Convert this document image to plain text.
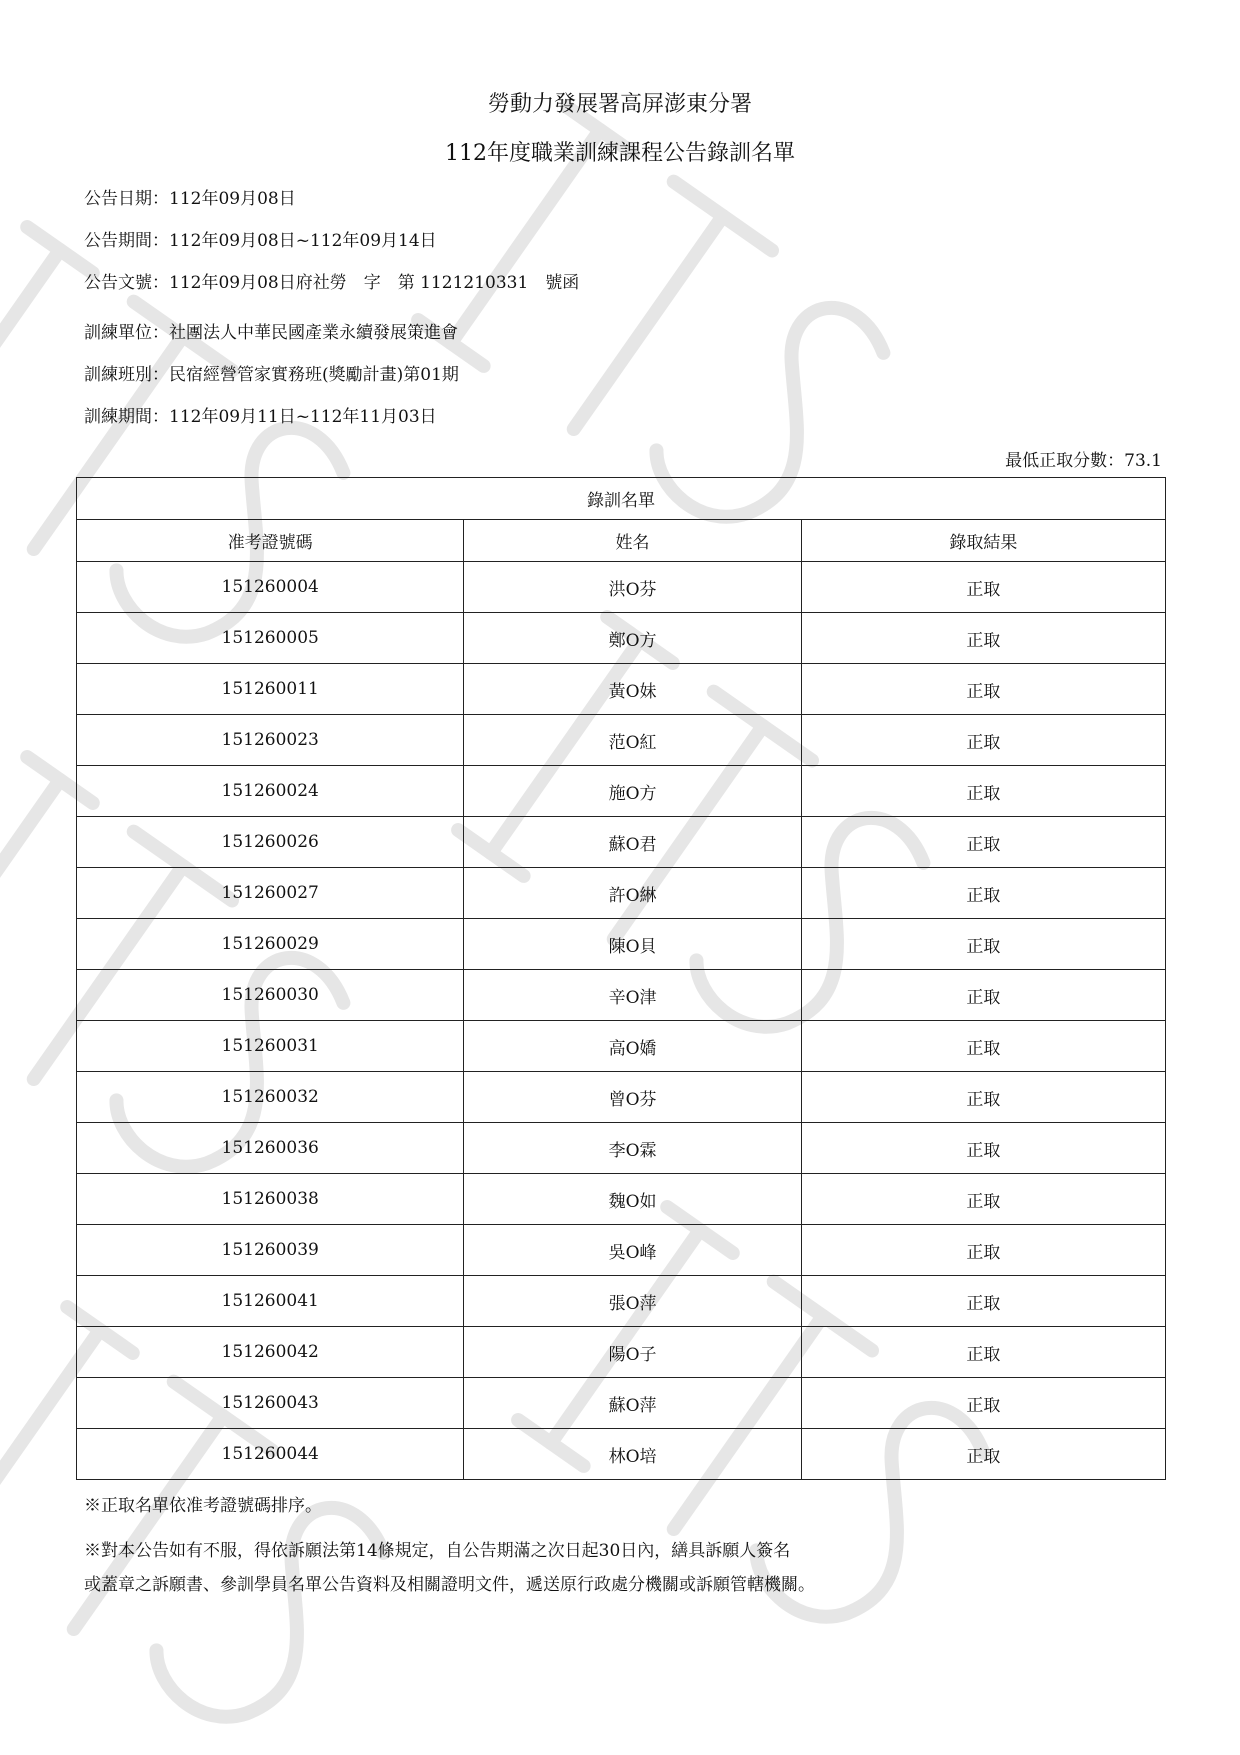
勞動力發展署高屏澎東分署
112年度職業訓練課程公告錄訓名單
公告日期：112年09月08日
公告期間：112年09月08日~112年09月14日
公告文號：112年09月08日府社勞　字　第 1121210331　號函
訓練單位：社團法人中華民國產業永續發展策進會
訓練班別：民宿經營管家實務班(獎勵計畫)第01期
訓練期間：112年09月11日~112年11月03日
最低正取分數：73.1
錄訓名單		
准考證號碼	姓名	錄取結果
151260004	洪O芬	正取
151260005	鄭O方	正取
151260011	黃O妹	正取
151260023	范O紅	正取
151260024	施O方	正取
151260026	蘇O君	正取
151260027	許O綝	正取
151260029	陳O貝	正取
151260030	辛O津	正取
151260031	高O嬌	正取
151260032	曾O芬	正取
151260036	李O霖	正取
151260038	魏O如	正取
151260039	吳O峰	正取
151260041	張O萍	正取
151260042	陽O子	正取
151260043	蘇O萍	正取
151260044	林O培	正取
※正取名單依准考證號碼排序。
※對本公告如有不服，得依訴願法第14條規定，自公告期滿之次日起30日內，繕具訴願人簽名
或蓋章之訴願書、參訓學員名單公告資料及相關證明文件，遞送原行政處分機關或訴願管轄機關。
